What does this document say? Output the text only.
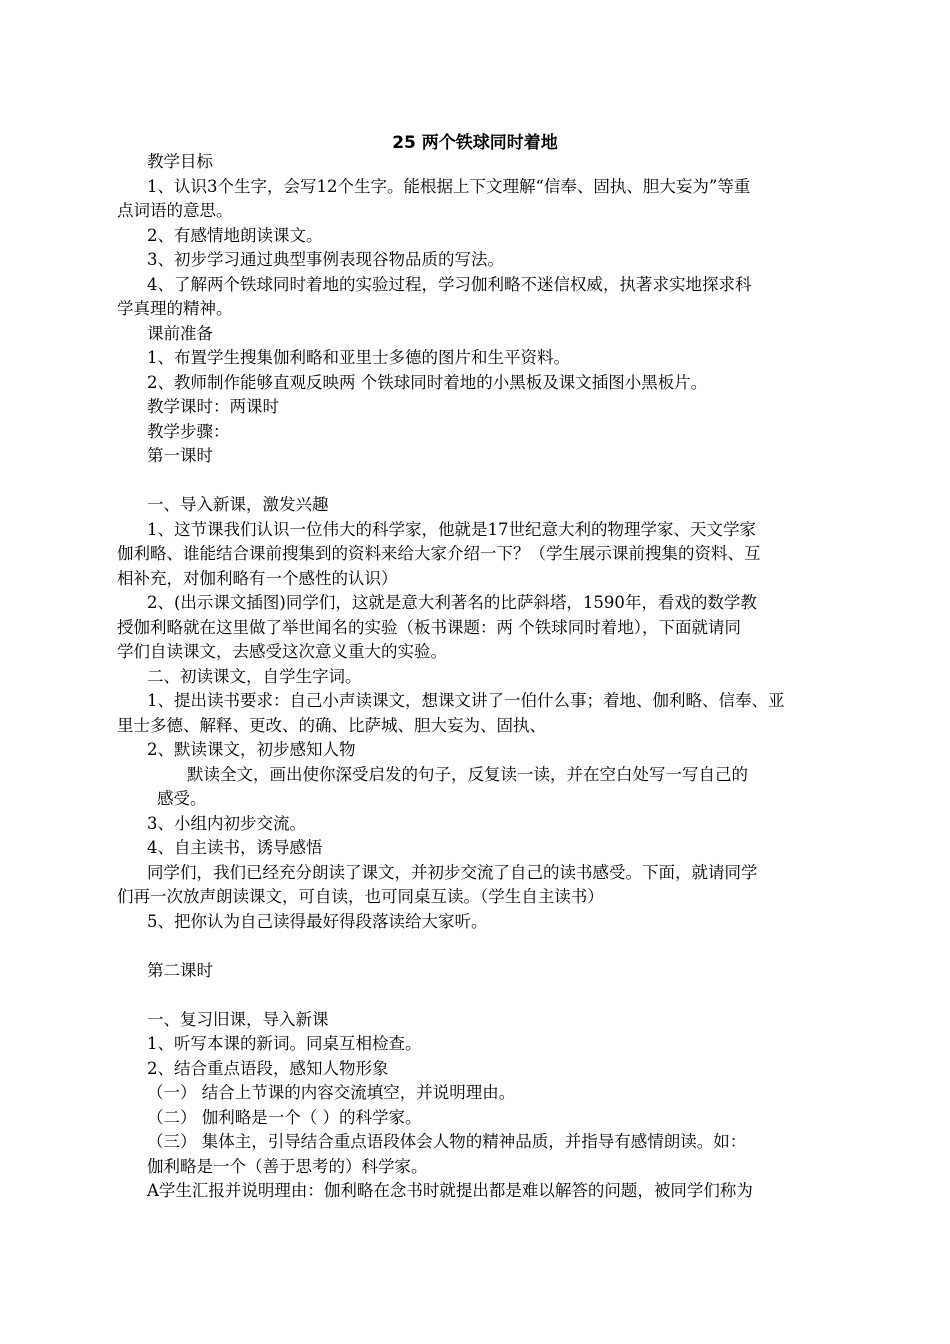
25 两个铁球同时着地
教学目标
1、认识3个生字，会写12个生字。能根据上下文理解“信奉、固执、胆大妄为”等重
点词语的意思。
2、有感情地朗读课文。
3、初步学习通过典型事例表现谷物品质的写法。
4、了解两个铁球同时着地的实验过程，学习伽利略不迷信权威，执著求实地探求科
学真理的精神。
课前准备
1、布置学生搜集伽利略和亚里士多德的图片和生平资料。
2、教师制作能够直观反映两 个铁球同时着地的小黑板及课文插图小黑板片。
教学课时：两课时
教学步骤：
第一课时
一、导入新课，激发兴趣
1、这节课我们认识一位伟大的科学家，他就是17世纪意大利的物理学家、天文学家
伽利略、谁能结合课前搜集到的资料来给大家介绍一下？（学生展示课前搜集的资料、互
相补充，对伽利略有一个感性的认识）
2、(出示课文插图)同学们，这就是意大利著名的比萨斜塔，1590年，看戏的数学教
授伽利略就在这里做了举世闻名的实验（板书课题：两 个铁球同时着地），下面就请同
学们自读课文，去感受这次意义重大的实验。
二、初读课文，自学生字词。
1、提出读书要求：自己小声读课文，想课文讲了一伯什么事；着地、伽利略、信奉、亚
里士多德、解释、更改、的确、比萨城、胆大妄为、固执、
2、默读课文，初步感知人物
默读全文，画出使你深受启发的句子，反复读一读，并在空白处写一写自己的
感受。
3、小组内初步交流。
4、自主读书，诱导感悟
同学们，我们已经充分朗读了课文，并初步交流了自己的读书感受。下面，就请同学
们再一次放声朗读课文，可自读，也可同桌互读。（学生自主读书）
5、把你认为自己读得最好得段落读给大家听。
第二课时
一、复习旧课，导入新课
1、听写本课的新词。同桌互相检查。
2、结合重点语段，感知人物形象
（一） 结合上节课的内容交流填空，并说明理由。
（二） 伽利略是一个（ ）的科学家。
（三） 集体主，引导结合重点语段体会人物的精神品质，并指导有感情朗读。如：
伽利略是一个（善于思考的）科学家。
A学生汇报并说明理由：伽利略在念书时就提出都是难以解答的问题，被同学们称为
